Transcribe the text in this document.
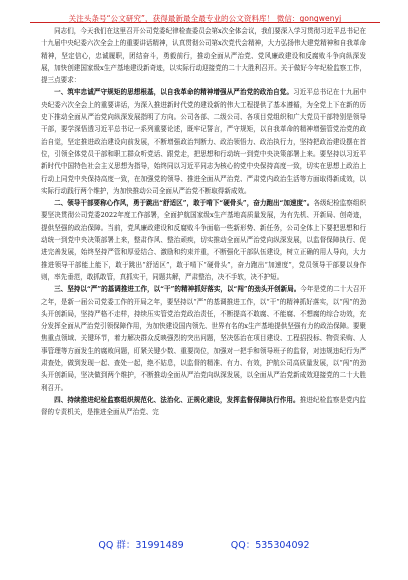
关注头条号“公文研究”，获得最新最全最专业的公文资料库！ 微信：gongwenyj

同志们，今天我们在这里召开公司党委纪律检查委员会第x次全体会议，我们要深入学习贯彻习近平总书记在十九届中央纪委六次全会上的重要讲话精神，认真贯彻公司第x次党代会精神，大力弘扬伟大建党精神和自我革命精神，坚定信心，忠诚履职，团结奋斗，勇毅前行，推动全面从严治党、党风廉政建设和反腐败斗争向纵深发展，加快创建国家级x生产基地建设新奇迹，以实际行动迎接党的二十大胜利召开。关于做好今年纪检监察工作，提三点要求：

一、筑牢忠诚严守规矩的思想根基，以自我革命的精神增强从严治党的政治自觉。习近平总书记在十九届中央纪委六次全会上的重要讲话，为深入推进新时代党的建设新的伟大工程提供了基本遵循，为全党上下在新的历史下推动全面从严治党向纵深发展指明了方向。公司各部、二级公司、各项目党组织和广大党员干部特别是领导干部，要学深悟透习近平总书记一系列重要论述，既牢记誓言，严守规矩，以自我革命的精神增强管党治党的政治自觉，坚定推进政治建设向前发展，不断增强政治判断力、政治领悟力、政治执行力，坚持把政治建设摆在首位，引领全体党员干部和职工群众听党话、跟党走，把思想和行动统一到党中央决策部署上来。要坚持以习近平新时代中国特色社会主义思想为指导，始终同以习近平同志为核心的党中央保持高度一致，切实在思想上政治上行动上同党中央保持高度一致，在加强党的领导、推进全面从严治党、严肃党内政治生活等方面取得新成效，以实际行动践行两个维护，为加快推动公司全面从严治党不断取得新成效。

二、领导干部要称心作风，勇于跳出“舒适区”，敢于啃下“硬骨头”，奋力跑出“加速度”。各级纪检监察组织要坚决贯彻公司党委2022年度工作部署，全面护航国家级x生产基地高质量发展，为有先机、开新局、创奇迹，提供坚强的政治保障。当前，党风廉政建设和反腐败斗争面临一些新形势、新任务，公司全体上下要把思想和行动统一到党中央决策部署上来，整肃作风、整治顽疾，切实推动全面从严治党向纵深发展，以监督保障执行、促进完善发展，始终坚持严管和厚爱结合、激励和约束并重，不断强化干部队伍建设，树立正确的用人导向，大力推进领导干部能上能下，敢于跳出“舒适区”，敢于啃下“硬骨头”，奋力跑出“加速度”，党员领导干部要以身作则，率先垂范，敢抓敢管，真抓实干，同题共解，严肃整治，决不手软，决不护短。

三、坚持以“严”的基调推进工作，以“干”的精神抓好落实，以“闯”的劲头开创新局。今年是党的二十大召开之年，是新一届公司党委工作的开局之年，要坚持以“严”的基调推进工作，以“干”的精神抓好落实，以“闯”的劲头开创新局，坚持严格不走样，持续压实管党治党政治责任，不断提高不敢腐、不能腐、不想腐的综合功效，充分发挥全面从严治党引领保障作用，为加快建设国内领先、世界有名的x生产基地提供坚强有力的政治保障。要聚焦重点领域、关键环节，着力解决群众反映强烈的突出问题，坚决惩治在项目建设、工程招投标、物资采购、人事管理等方面发生的腐败问题，盯紧关键少数、重要岗位，加强对一把手和领导班子的监督，对违规违纪行为严肃查处，做到发现一起、查处一起，绝不姑息，以监督的精准、有力、有效，护航公司高质量发展，以“闯”的劲头开创新局，坚决做到两个维护，不断推动全面从严治党向纵深发展，以全面从严治党新成效迎接党的二十大胜利召开。

四、持续推进纪检监察组织规范化、法治化、正规化建设，发挥监督保障执行作用。推进纪检监察是党内监督的专责机关，是推进全面从严治党、完

QQ 群：31991489	QQ：535304092
